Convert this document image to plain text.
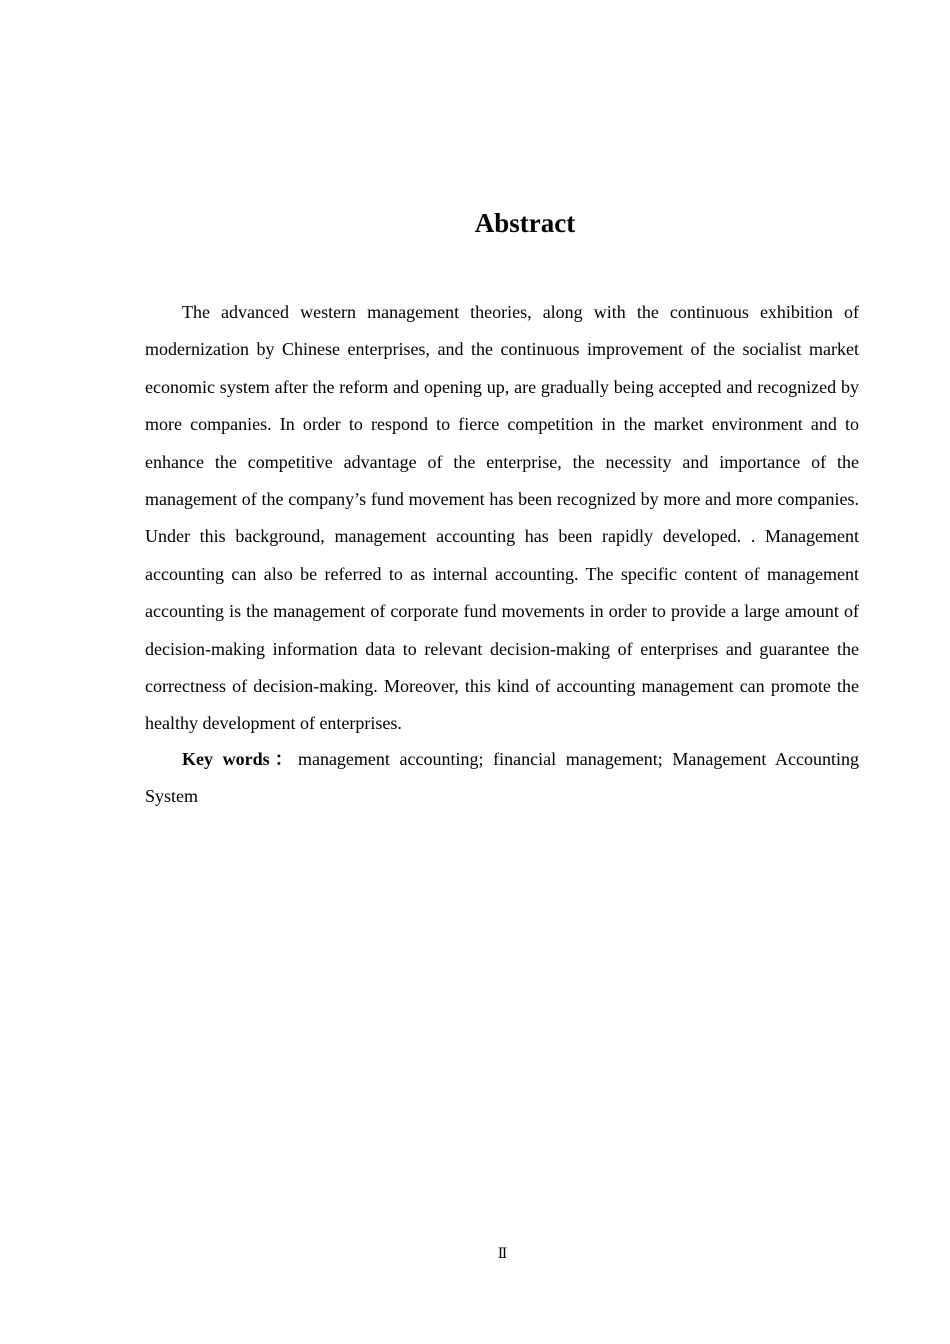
Abstract

The advanced western management theories, along with the continuous exhibition of modernization by Chinese enterprises, and the continuous improvement of the socialist market economic system after the reform and opening up, are gradually being accepted and recognized by more companies. In order to respond to fierce competition in the market environment and to enhance the competitive advantage of the enterprise, the necessity and importance of the management of the company’s fund movement has been recognized by more and more companies. Under this background, management accounting has been rapidly developed. . Management accounting can also be referred to as internal accounting. The specific content of management accounting is the management of corporate fund movements in order to provide a large amount of decision-making information data to relevant decision-making of enterprises and guarantee the correctness of decision-making. Moreover, this kind of accounting management can promote the healthy development of enterprises.

Key words：management accounting; financial management; Management Accounting System

Ⅱ
